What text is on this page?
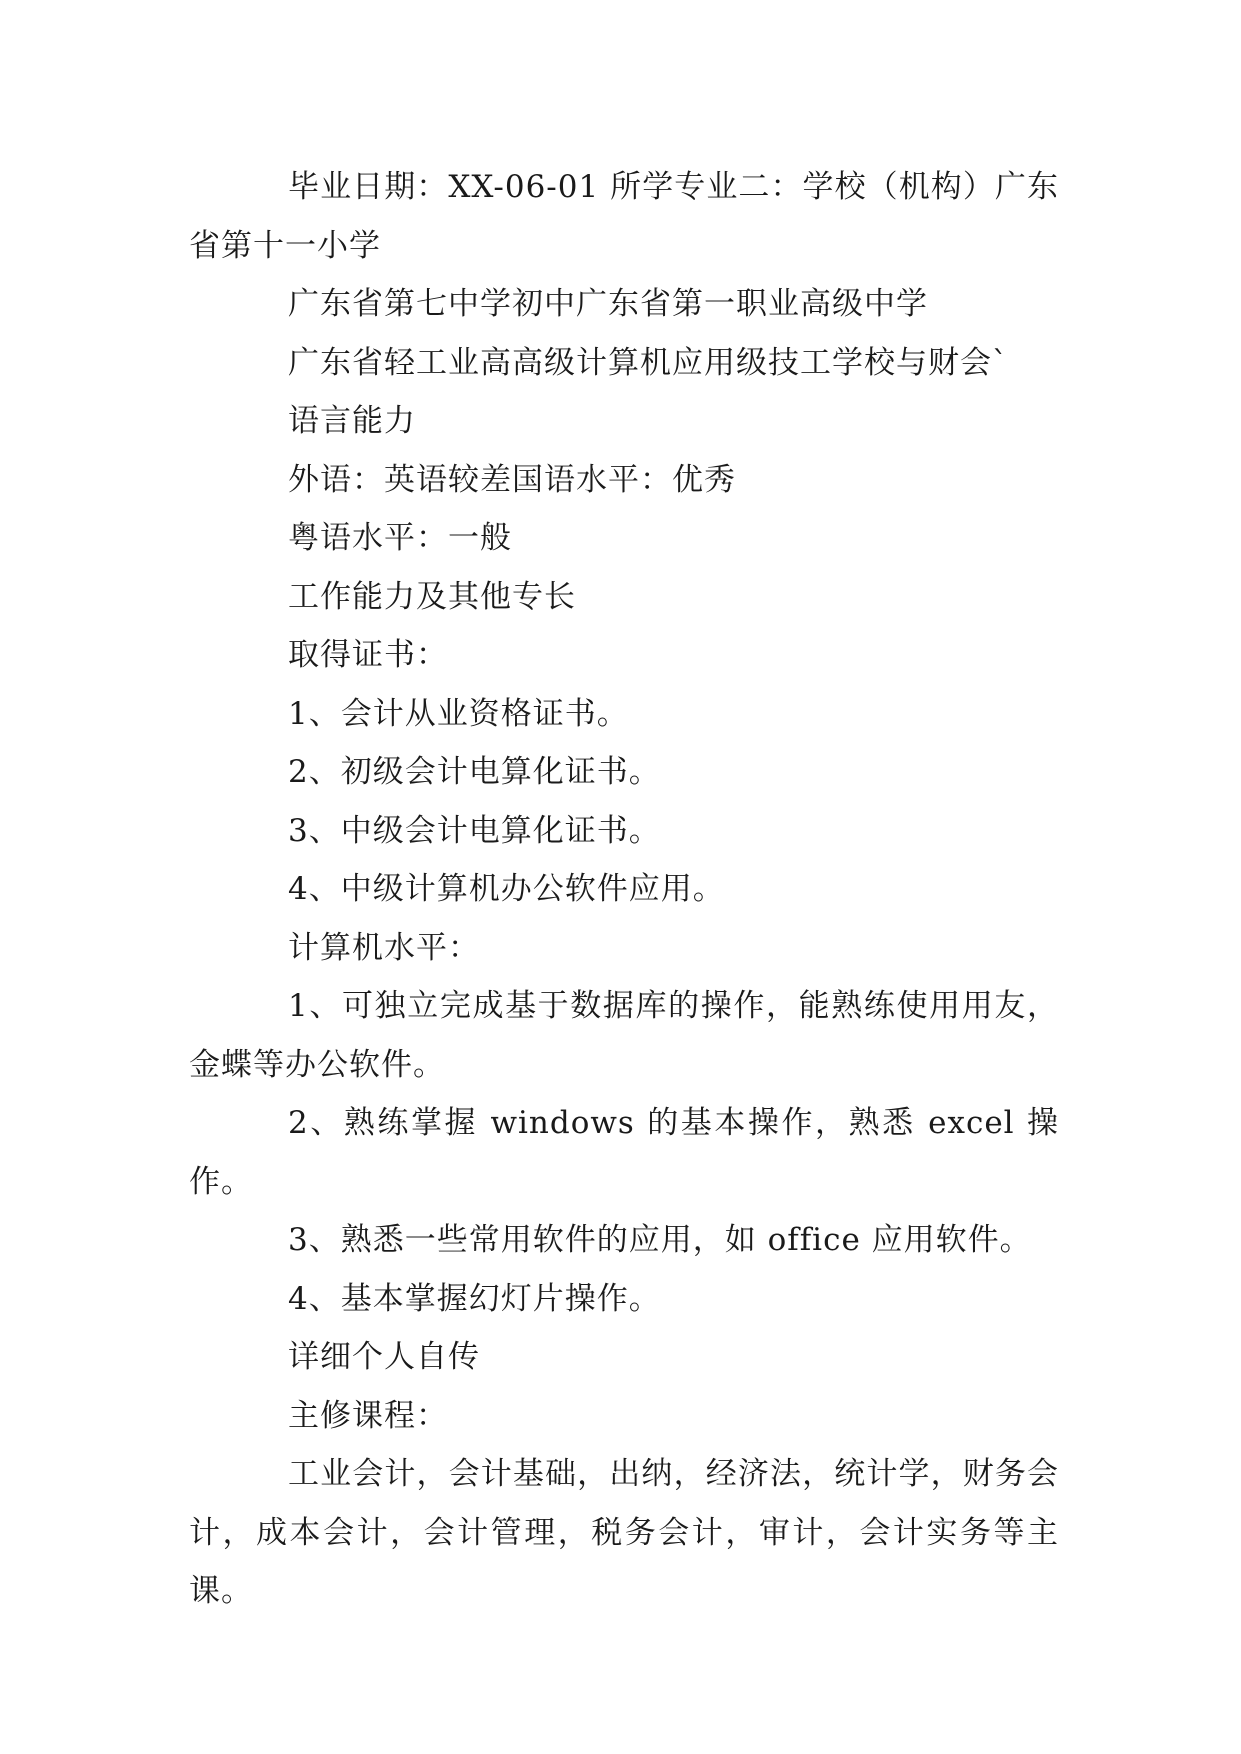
毕业日期：XX-06-01 所学专业二：学校（机构）广东省第十一小学

广东省第七中学初中广东省第一职业高级中学

广东省轻工业高高级计算机应用级技工学校与财会`

语言能力

外语：英语较差国语水平：优秀

粤语水平：一般

工作能力及其他专长

取得证书：

1、会计从业资格证书。

2、初级会计电算化证书。

3、中级会计电算化证书。

4、中级计算机办公软件应用。

计算机水平：

1、可独立完成基于数据库的操作，能熟练使用用友，金蝶等办公软件。

2、熟练掌握 windows 的基本操作，熟悉 excel 操作。

3、熟悉一些常用软件的应用，如 office 应用软件。

4、基本掌握幻灯片操作。

详细个人自传

主修课程：

工业会计，会计基础，出纳，经济法，统计学，财务会计，成本会计，会计管理，税务会计，审计，会计实务等主课。
